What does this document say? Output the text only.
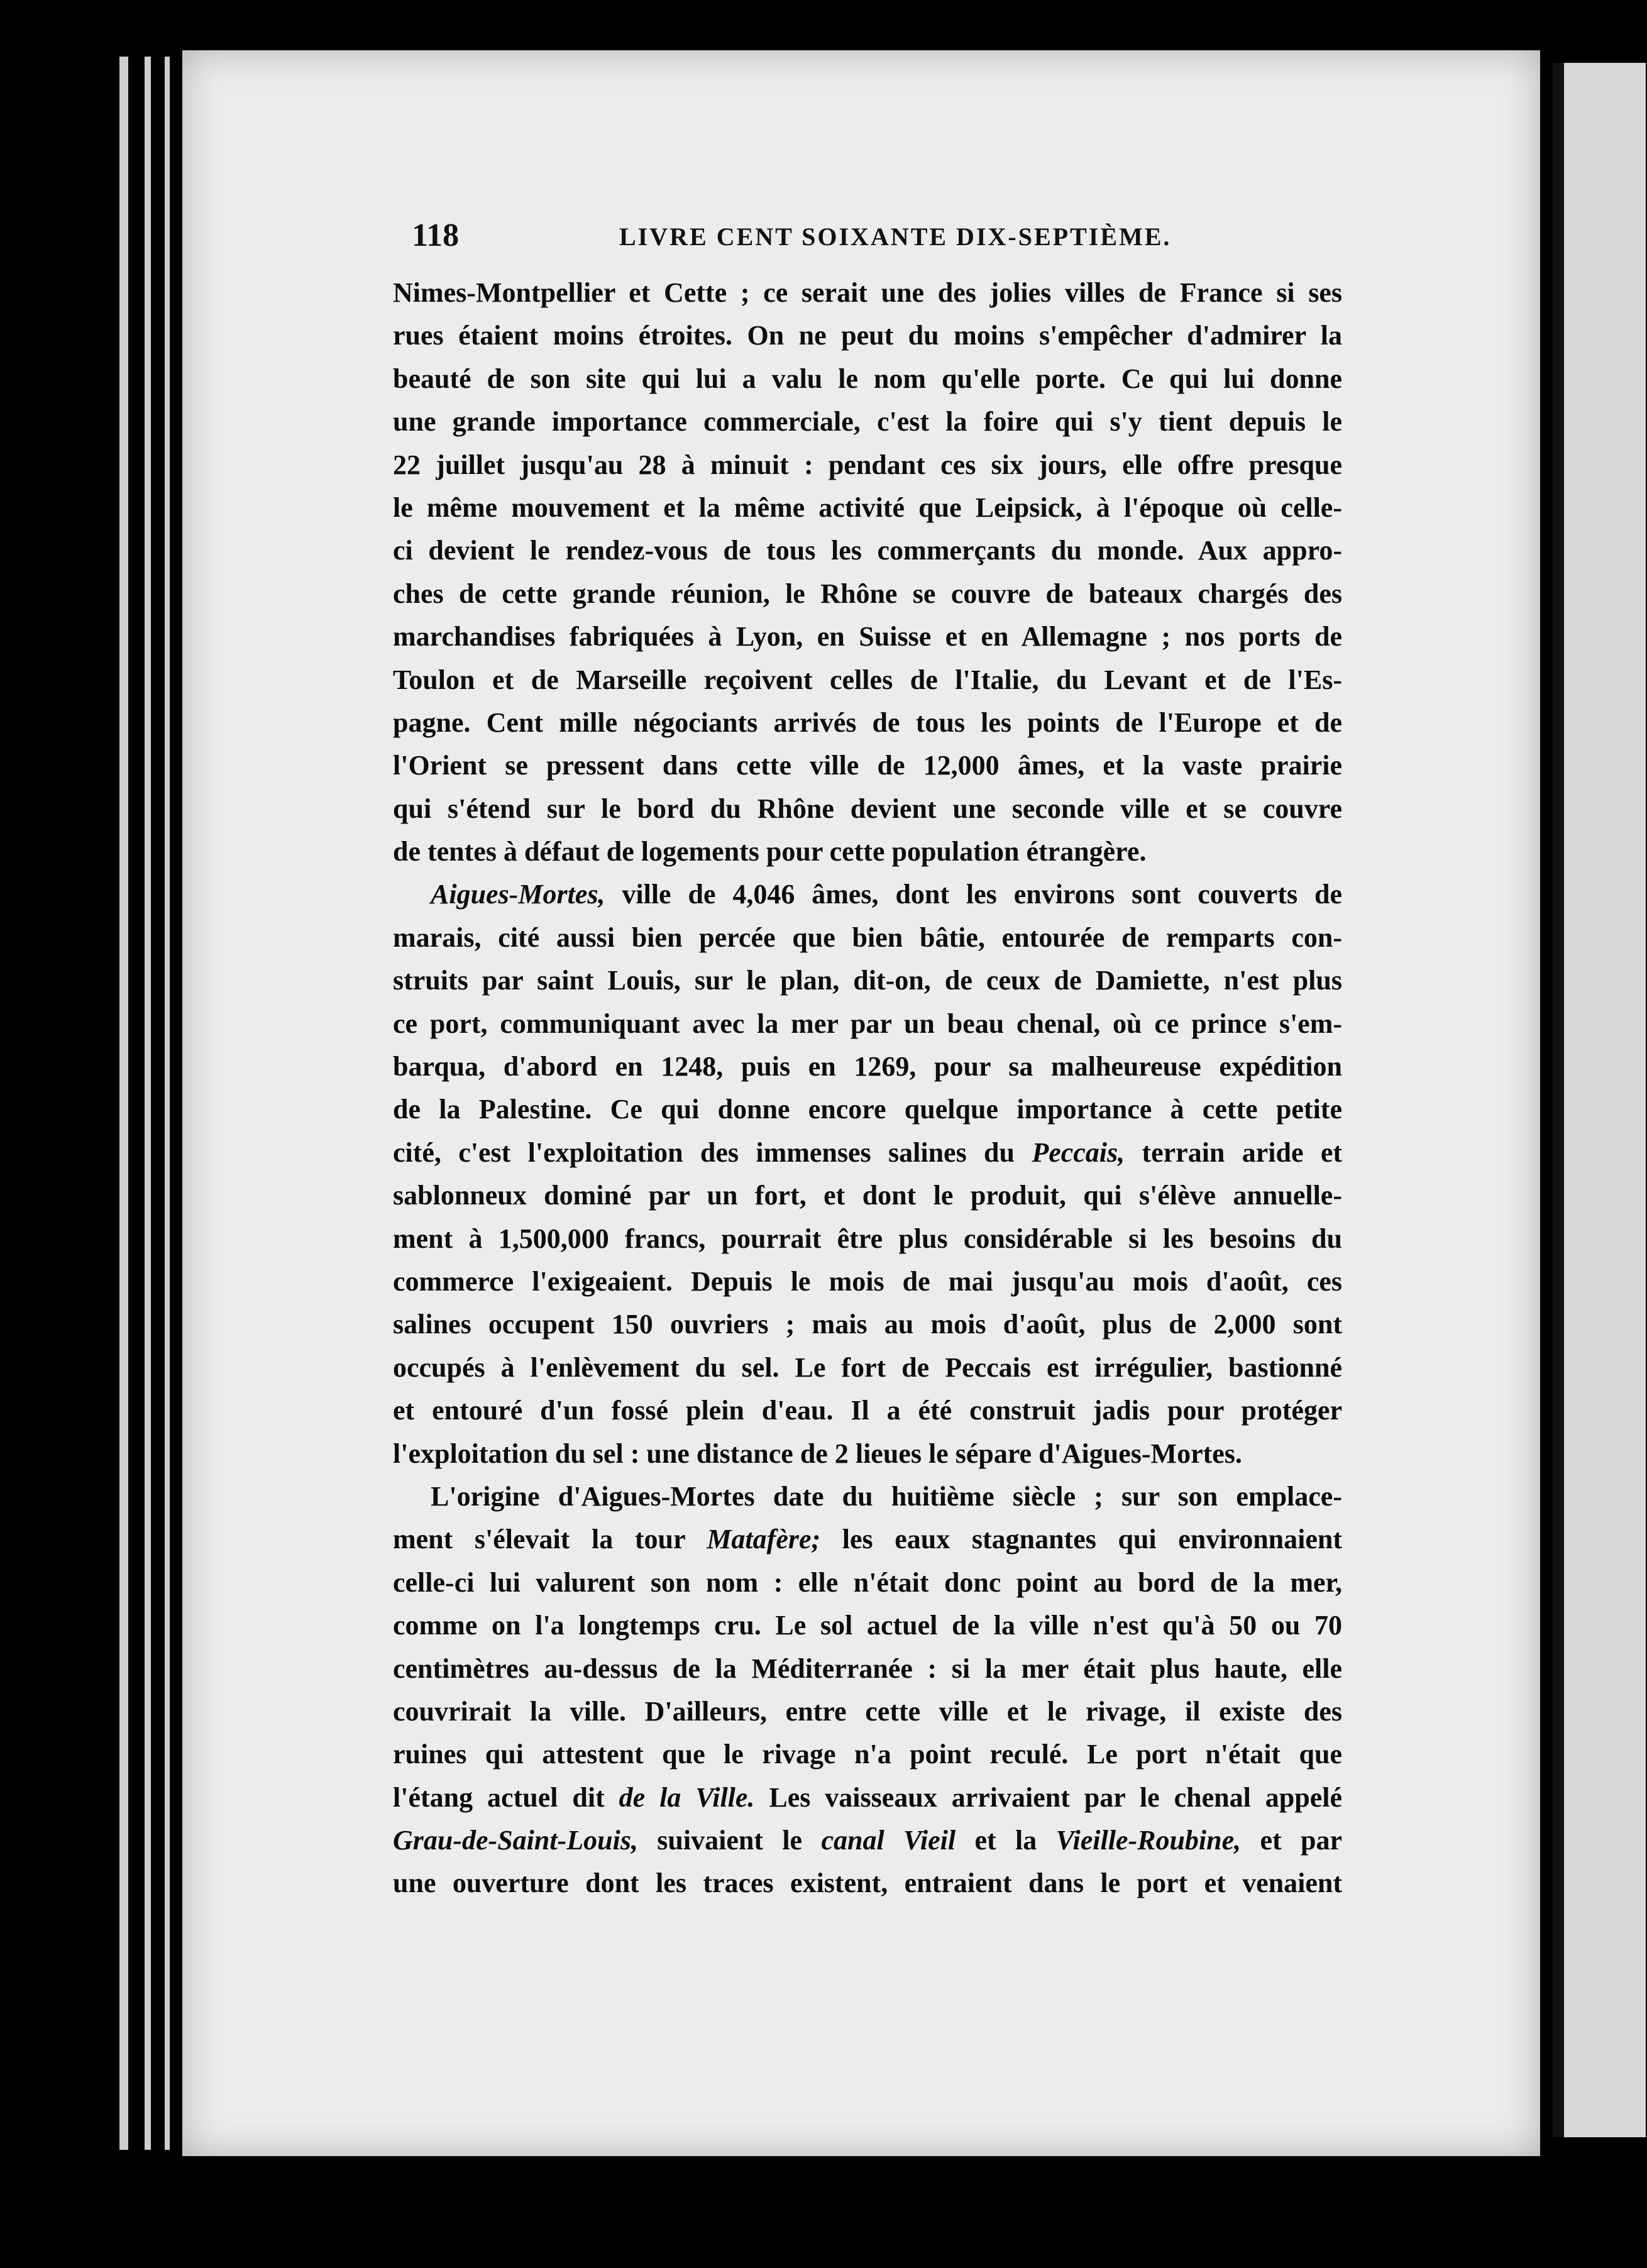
118	LIVRE CENT SOIXANTE DIX-SEPTIÈME.
Nimes-Montpellier et Cette ; ce serait une des jolies villes de France si ses
rues étaient moins étroites. On ne peut du moins s'empêcher d'admirer la
beauté de son site qui lui a valu le nom qu'elle porte. Ce qui lui donne
une grande importance commerciale, c'est la foire qui s'y tient depuis le
22 juillet jusqu'au 28 à minuit : pendant ces six jours, elle offre presque
le même mouvement et la même activité que Leipsick, à l'époque où celle-
ci devient le rendez-vous de tous les commerçants du monde. Aux appro-
ches de cette grande réunion, le Rhône se couvre de bateaux chargés des
marchandises fabriquées à Lyon, en Suisse et en Allemagne ; nos ports de
Toulon et de Marseille reçoivent celles de l'Italie, du Levant et de l'Es-
pagne. Cent mille négociants arrivés de tous les points de l'Europe et de
l'Orient se pressent dans cette ville de 12,000 âmes, et la vaste prairie
qui s'étend sur le bord du Rhône devient une seconde ville et se couvre
de tentes à défaut de logements pour cette population étrangère.
Aigues-Mortes, ville de 4,046 âmes, dont les environs sont couverts de
marais, cité aussi bien percée que bien bâtie, entourée de remparts con-
struits par saint Louis, sur le plan, dit-on, de ceux de Damiette, n'est plus
ce port, communiquant avec la mer par un beau chenal, où ce prince s'em-
barqua, d'abord en 1248, puis en 1269, pour sa malheureuse expédition
de la Palestine. Ce qui donne encore quelque importance à cette petite
cité, c'est l'exploitation des immenses salines du Peccais, terrain aride et
sablonneux dominé par un fort, et dont le produit, qui s'élève annuelle-
ment à 1,500,000 francs, pourrait être plus considérable si les besoins du
commerce l'exigeaient. Depuis le mois de mai jusqu'au mois d'août, ces
salines occupent 150 ouvriers ; mais au mois d'août, plus de 2,000 sont
occupés à l'enlèvement du sel. Le fort de Peccais est irrégulier, bastionné
et entouré d'un fossé plein d'eau. Il a été construit jadis pour protéger
l'exploitation du sel : une distance de 2 lieues le sépare d'Aigues-Mortes.
L'origine d'Aigues-Mortes date du huitième siècle ; sur son emplace-
ment s'élevait la tour Matafère; les eaux stagnantes qui environnaient
celle-ci lui valurent son nom : elle n'était donc point au bord de la mer,
comme on l'a longtemps cru. Le sol actuel de la ville n'est qu'à 50 ou 70
centimètres au-dessus de la Méditerranée : si la mer était plus haute, elle
couvrirait la ville. D'ailleurs, entre cette ville et le rivage, il existe des
ruines qui attestent que le rivage n'a point reculé. Le port n'était que
l'étang actuel dit de la Ville. Les vaisseaux arrivaient par le chenal appelé
Grau-de-Saint-Louis, suivaient le canal Vieil et la Vieille-Roubine, et par
une ouverture dont les traces existent, entraient dans le port et venaient
